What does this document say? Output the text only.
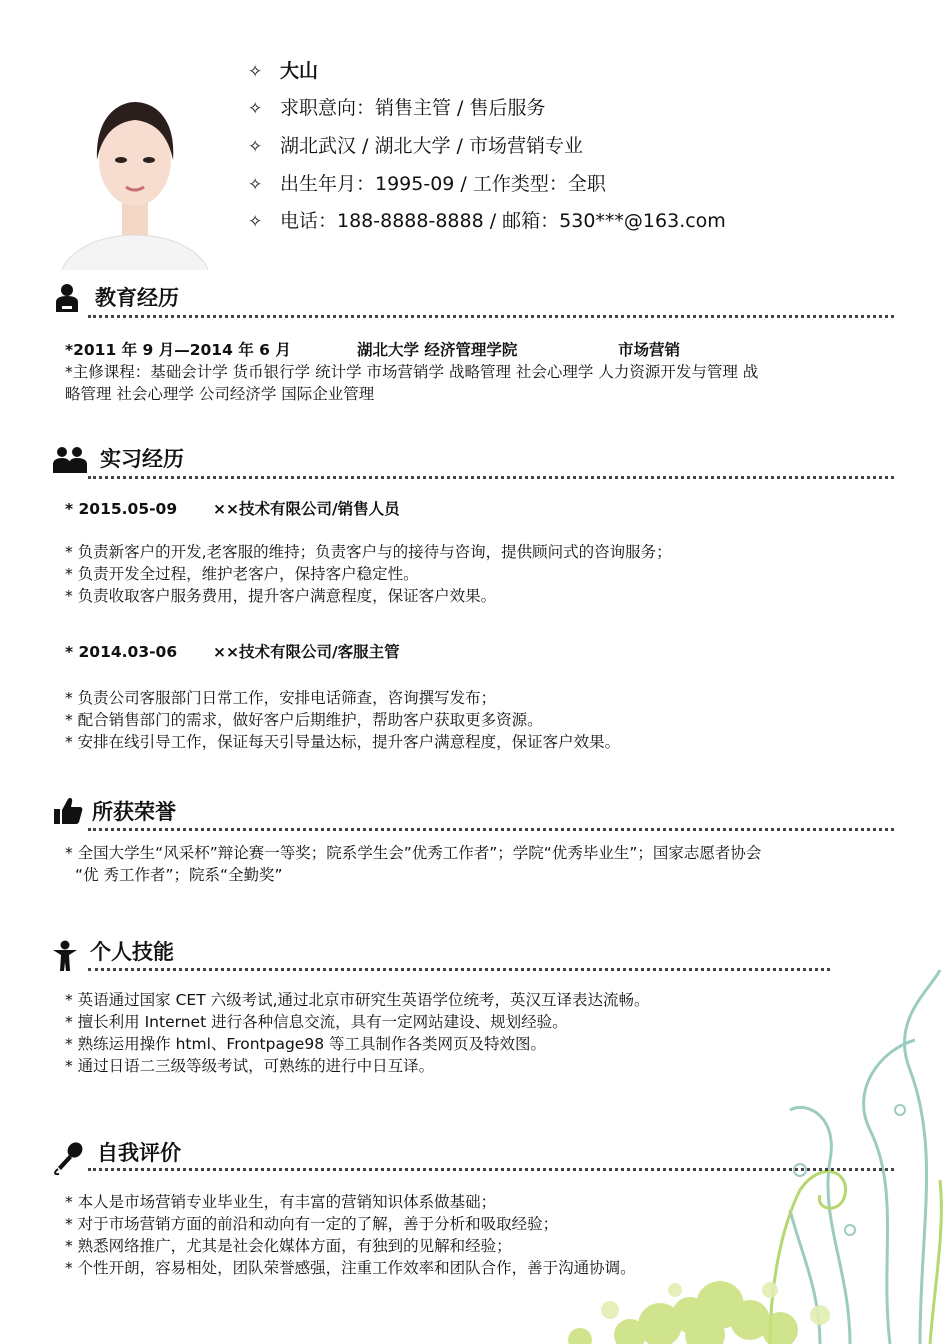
✧ 大山
✧ 求职意向：销售主管 / 售后服务
✧ 湖北武汉 / 湖北大学 / 市场营销专业
✧ 出生年月：1995-09 / 工作类型：全职
✧ 电话：188-8888-8888 / 邮箱：530***@163.com
教育经历
*2011 年 9 月—2014 年 6 月	湖北大学 经济管理学院	市场营销
*主修课程：基础会计学 货币银行学 统计学 市场营销学 战略管理 社会心理学 人力资源开发与管理 战
略管理 社会心理学 公司经济学 国际企业管理
实习经历
* 2015.05-09 ××技术有限公司/销售人员
* 负责新客户的开发,老客服的维持；负责客户与的接待与咨询，提供顾问式的咨询服务；
* 负责开发全过程，维护老客户，保持客户稳定性。
* 负责收取客户服务费用，提升客户满意程度，保证客户效果。
* 2014.03-06 ××技术有限公司/客服主管
* 负责公司客服部门日常工作，安排电话筛查，咨询撰写发布；
* 配合销售部门的需求，做好客户后期维护，帮助客户获取更多资源。
* 安排在线引导工作，保证每天引导量达标，提升客户满意程度，保证客户效果。
所获荣誉
* 全国大学生“风采杯”辩论赛一等奖；院系学生会”优秀工作者”；学院“优秀毕业生”；国家志愿者协会
“优 秀工作者”；院系“全勤奖”
个人技能
* 英语通过国家 CET 六级考试,通过北京市研究生英语学位统考，英汉互译表达流畅。
* 擅长利用 Internet 进行各种信息交流，具有一定网站建设、规划经验。
* 熟练运用操作 html、Frontpage98 等工具制作各类网页及特效图。
* 通过日语二三级等级考试，可熟练的进行中日互译。
自我评价
* 本人是市场营销专业毕业生，有丰富的营销知识体系做基础；
* 对于市场营销方面的前沿和动向有一定的了解，善于分析和吸取经验；
* 熟悉网络推广，尤其是社会化媒体方面，有独到的见解和经验；
* 个性开朗，容易相处，团队荣誉感强，注重工作效率和团队合作，善于沟通协调。
